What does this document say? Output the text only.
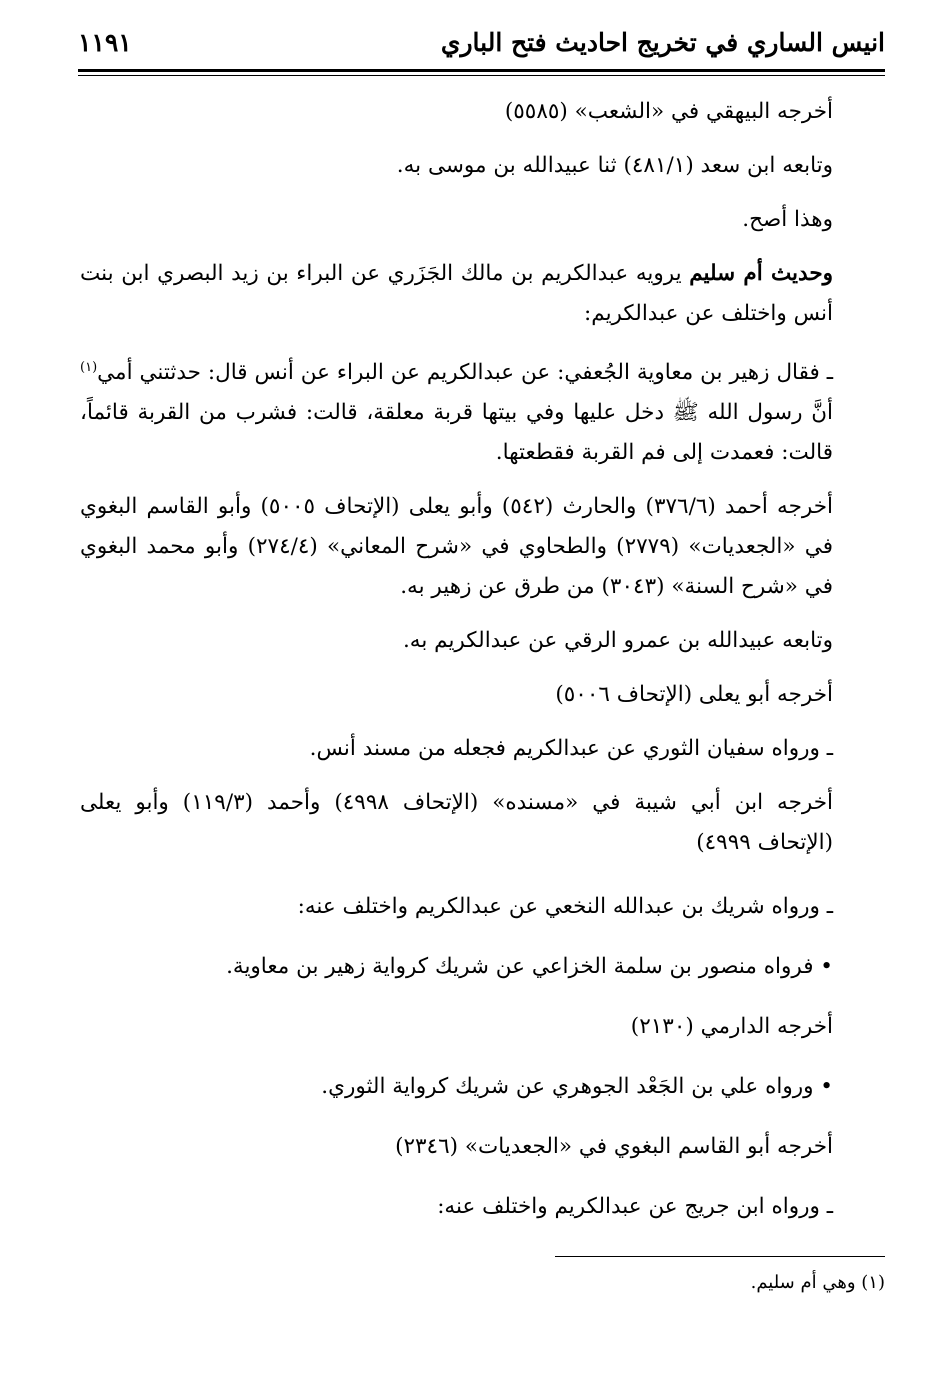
انيس الساري في تخريج احاديث فتح الباري
١١٩١

أخرجه البيهقي في «الشعب» (٥٥٨٥)

وتابعه ابن سعد (٤٨١/١) ثنا عبيدالله بن موسى به.

وهذا أصح.

وحديث أم سليم يرويه عبدالكريم بن مالك الجَزَري عن البراء بن زيد البصري ابن بنت أنس واختلف عن عبدالكريم:

ـ فقال زهير بن معاوية الجُعفي: عن عبدالكريم عن البراء عن أنس قال: حدثتني أمي$^{(١)}$ أنَّ رسول الله ﷺ دخل عليها وفي بيتها قربة معلقة، قالت: فشرب من القربة قائماً، قالت: فعمدت إلى فم القربة فقطعتها.

أخرجه أحمد (٣٧٦/٦) والحارث (٥٤٢) وأبو يعلى (الإتحاف ٥٠٠٥) وأبو القاسم البغوي في «الجعديات» (٢٧٧٩) والطحاوي في «شرح المعاني» (٢٧٤/٤) وأبو محمد البغوي في «شرح السنة» (٣٠٤٣) من طرق عن زهير به.

وتابعه عبيدالله بن عمرو الرقي عن عبدالكريم به.

أخرجه أبو يعلى (الإتحاف ٥٠٠٦)

ـ ورواه سفيان الثوري عن عبدالكريم فجعله من مسند أنس.

أخرجه ابن أبي شيبة في «مسنده» (الإتحاف ٤٩٩٨) وأحمد (١١٩/٣) وأبو يعلى (الإتحاف ٤٩٩٩)

ـ ورواه شريك بن عبدالله النخعي عن عبدالكريم واختلف عنه:

• فرواه منصور بن سلمة الخزاعي عن شريك كرواية زهير بن معاوية.

أخرجه الدارمي (٢١٣٠)

• ورواه علي بن الجَعْد الجوهري عن شريك كرواية الثوري.

أخرجه أبو القاسم البغوي في «الجعديات» (٢٣٤٦)

ـ ورواه ابن جريج عن عبدالكريم واختلف عنه:

(١) وهي أم سليم.
